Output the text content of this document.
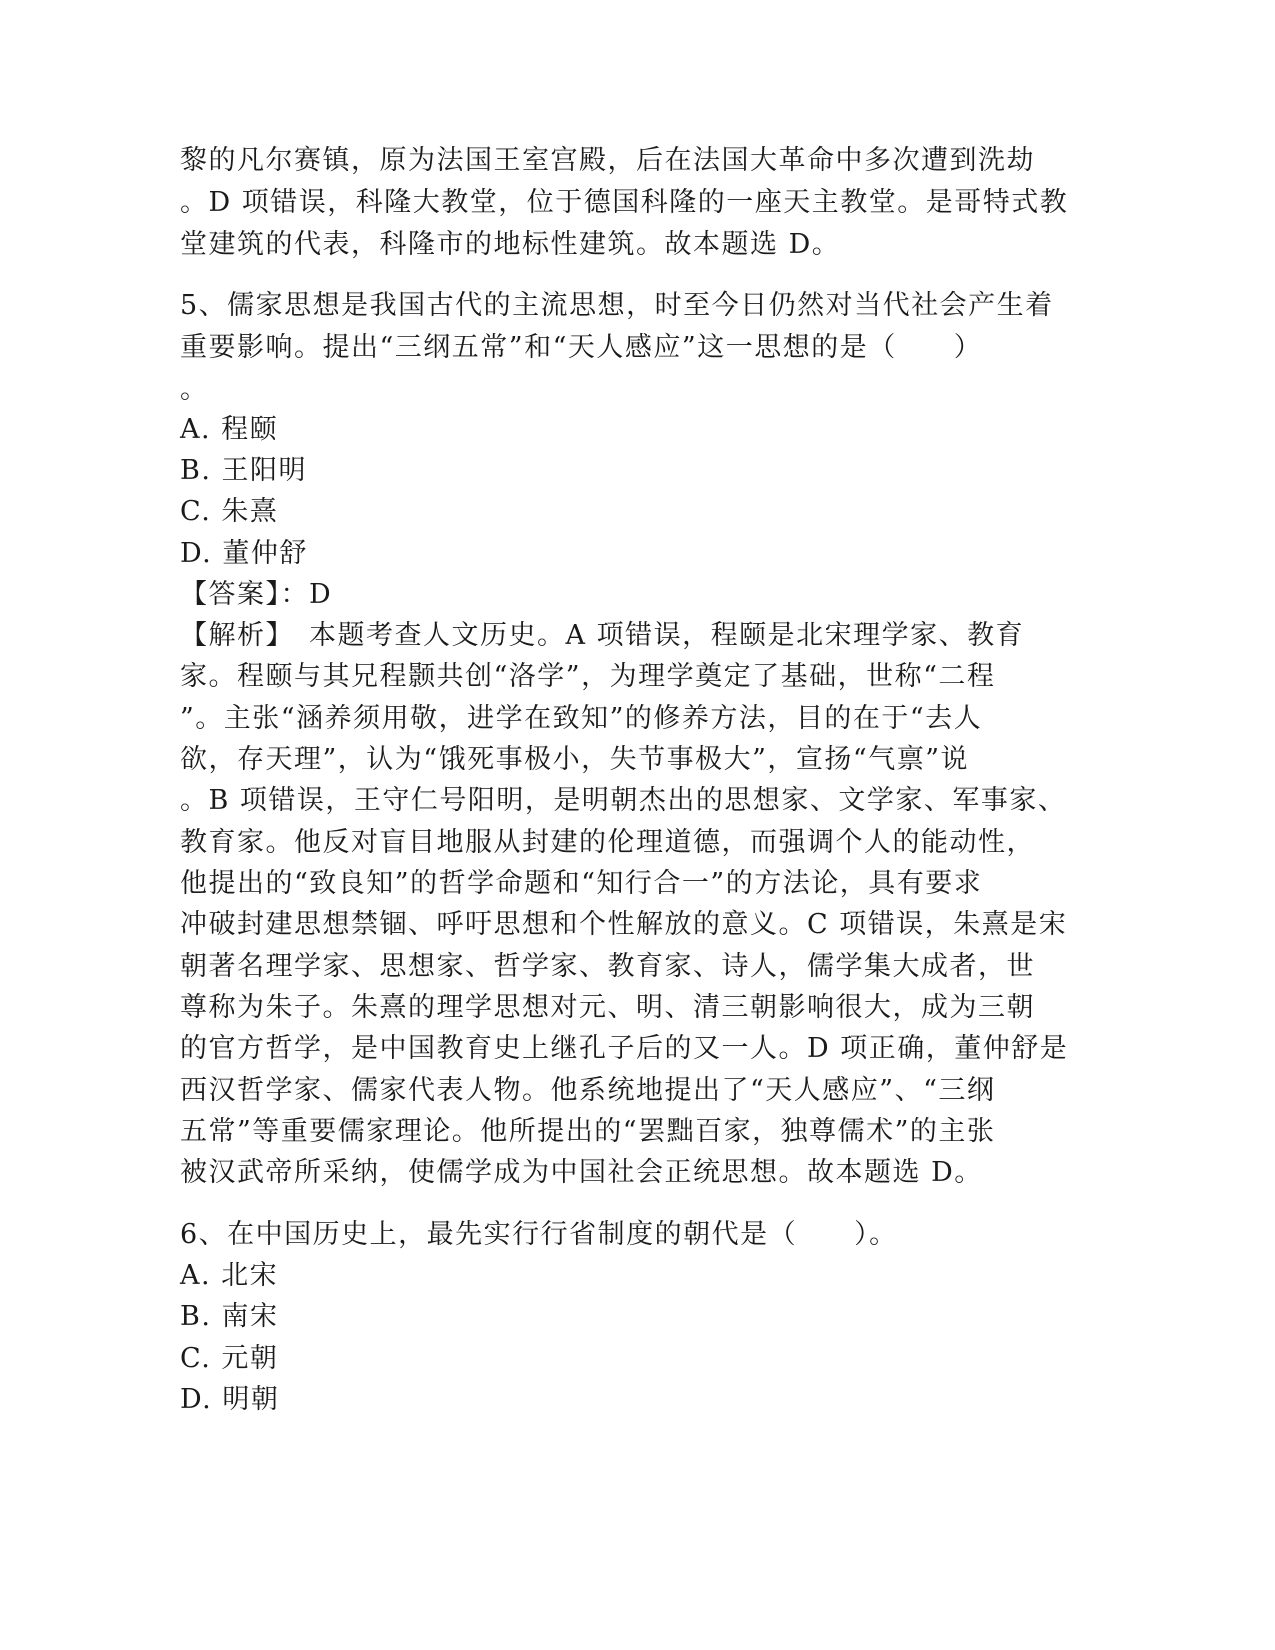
黎的凡尔赛镇，原为法国王室宫殿，后在法国大革命中多次遭到洗劫
。D 项错误，科隆大教堂，位于德国科隆的一座天主教堂。是哥特式教
堂建筑的代表，科隆市的地标性建筑。故本题选 D。
5、儒家思想是我国古代的主流思想，时至今日仍然对当代社会产生着
重要影响。提出“三纲五常”和“天人感应”这一思想的是（　　）
。
A. 程颐
B. 王阳明
C. 朱熹
D. 董仲舒
【答案】：D
【解析】　本题考查人文历史。A 项错误，程颐是北宋理学家、教育
家。程颐与其兄程颢共创“洛学”，为理学奠定了基础，世称“二程
”。主张“涵养须用敬，进学在致知”的修养方法，目的在于“去人
欲，存天理”，认为“饿死事极小，失节事极大”，宣扬“气禀”说
。B 项错误，王守仁号阳明，是明朝杰出的思想家、文学家、军事家、
教育家。他反对盲目地服从封建的伦理道德，而强调个人的能动性，
他提出的“致良知”的哲学命题和“知行合一”的方法论，具有要求
冲破封建思想禁锢、呼吁思想和个性解放的意义。C 项错误，朱熹是宋
朝著名理学家、思想家、哲学家、教育家、诗人，儒学集大成者，世
尊称为朱子。朱熹的理学思想对元、明、清三朝影响很大，成为三朝
的官方哲学，是中国教育史上继孔子后的又一人。D 项正确，董仲舒是
西汉哲学家、儒家代表人物。他系统地提出了“天人感应”、“三纲
五常”等重要儒家理论。他所提出的“罢黜百家，独尊儒术”的主张
被汉武帝所采纳，使儒学成为中国社会正统思想。故本题选 D。
6、在中国历史上，最先实行行省制度的朝代是（　　）。
A. 北宋
B. 南宋
C. 元朝
D. 明朝
